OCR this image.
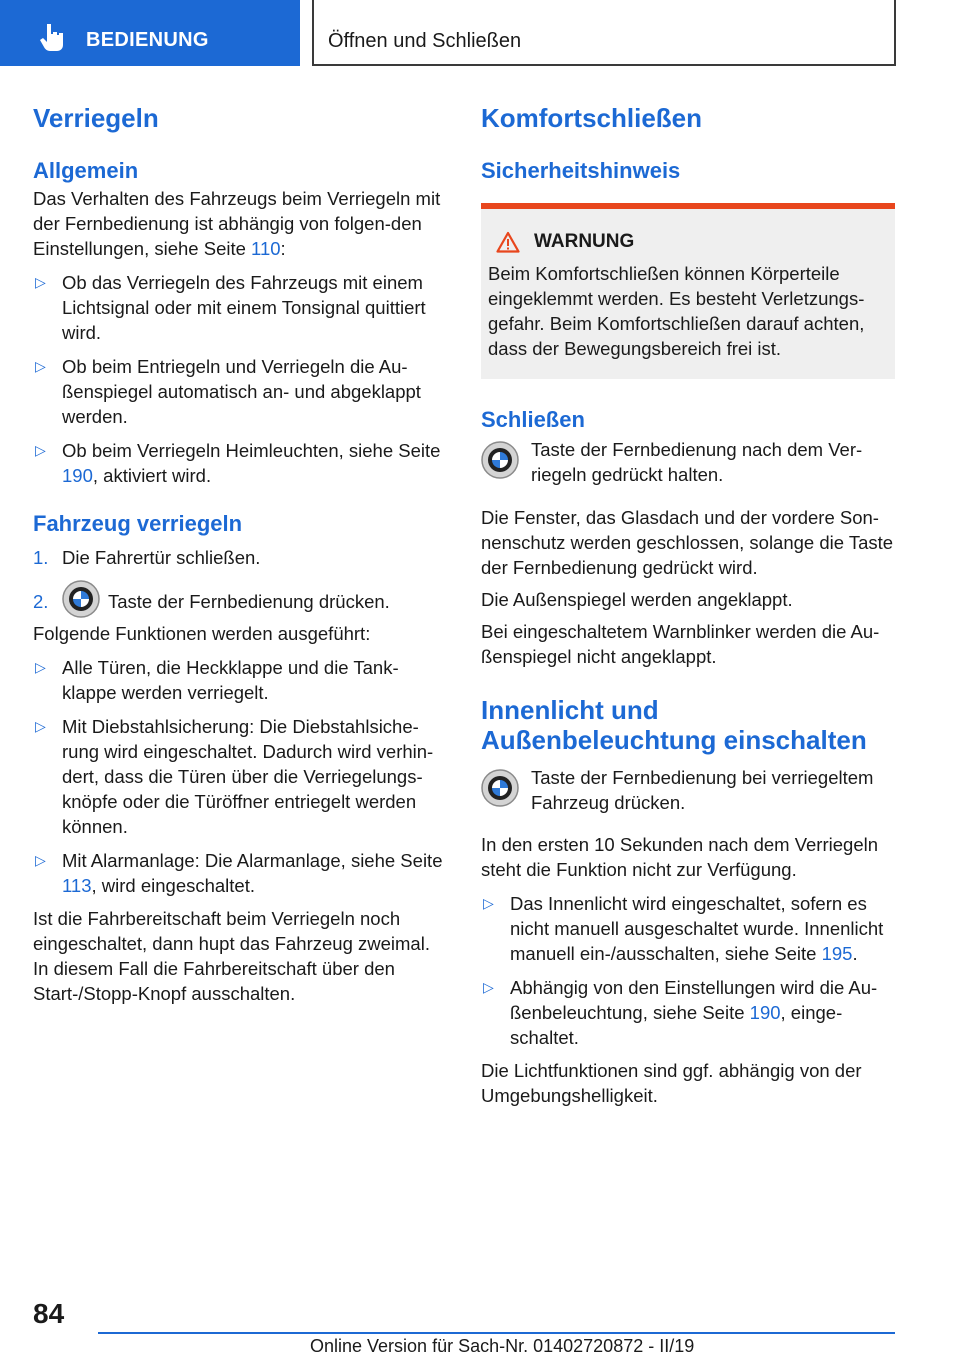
BEDIENUNG	Öffnen und Schließen
Verriegeln
Allgemein

Das Verhalten des Fahrzeugs beim Verriegeln mit der Fernbedienung ist abhängig von folgen‐den Einstellungen, siehe Seite 110:

▷ Ob das Verriegeln des Fahrzeugs mit einem Lichtsignal oder mit einem Tonsignal quittiert wird.
▷ Ob beim Entriegeln und Verriegeln die Au‐ßenspiegel automatisch an- und abgeklappt werden.
▷ Ob beim Verriegeln Heimleuchten, siehe Seite 190, aktiviert wird.
Fahrzeug verriegeln
1. Die Fahrertür schließen.
2.	Taste der Fernbedienung drücken.

Folgende Funktionen werden ausgeführt:

▷ Alle Türen, die Heckklappe und die Tank‐klappe werden verriegelt.
▷ Mit Diebstahlsicherung: Die Diebstahlsiche‐rung wird eingeschaltet. Dadurch wird verhin‐dert, dass die Türen über die Verriegelungs‐knöpfe oder die Türöffner entriegelt werden können.
▷ Mit Alarmanlage: Die Alarmanlage, siehe Seite 113, wird eingeschaltet.

Ist die Fahrbereitschaft beim Verriegeln noch eingeschaltet, dann hupt das Fahrzeug zweimal. In diesem Fall die Fahrbereitschaft über den Start-/Stopp-Knopf ausschalten.

Komfortschließen
Sicherheitshinweis
WARNUNG

Beim Komfortschließen können Körperteile eingeklemmt werden. Es besteht Verletzungs‐gefahr. Beim Komfortschließen darauf achten, dass der Bewegungsbereich frei ist.

Schließen

Taste der Fernbedienung nach dem Ver‐riegeln gedrückt halten.

Die Fenster, das Glasdach und der vordere Son‐nenschutz werden geschlossen, solange die Taste der Fernbedienung gedrückt wird.

Die Außenspiegel werden angeklappt.

Bei eingeschaltetem Warnblinker werden die Au‐ßenspiegel nicht angeklappt.

Innenlicht und
Außenbeleuchtung einschalten

Taste der Fernbedienung bei verriegeltem Fahrzeug drücken.

In den ersten 10 Sekunden nach dem Verriegeln steht die Funktion nicht zur Verfügung.

▷ Das Innenlicht wird eingeschaltet, sofern es nicht manuell ausgeschaltet wurde. Innenlicht manuell ein-/ausschalten, siehe Seite 195.
▷ Abhängig von den Einstellungen wird die Au‐ßenbeleuchtung, siehe Seite 190, einge‐schaltet.

Die Lichtfunktionen sind ggf. abhängig von der Umgebungshelligkeit.

84
Online Version für Sach-Nr. 01402720872 - II/19
